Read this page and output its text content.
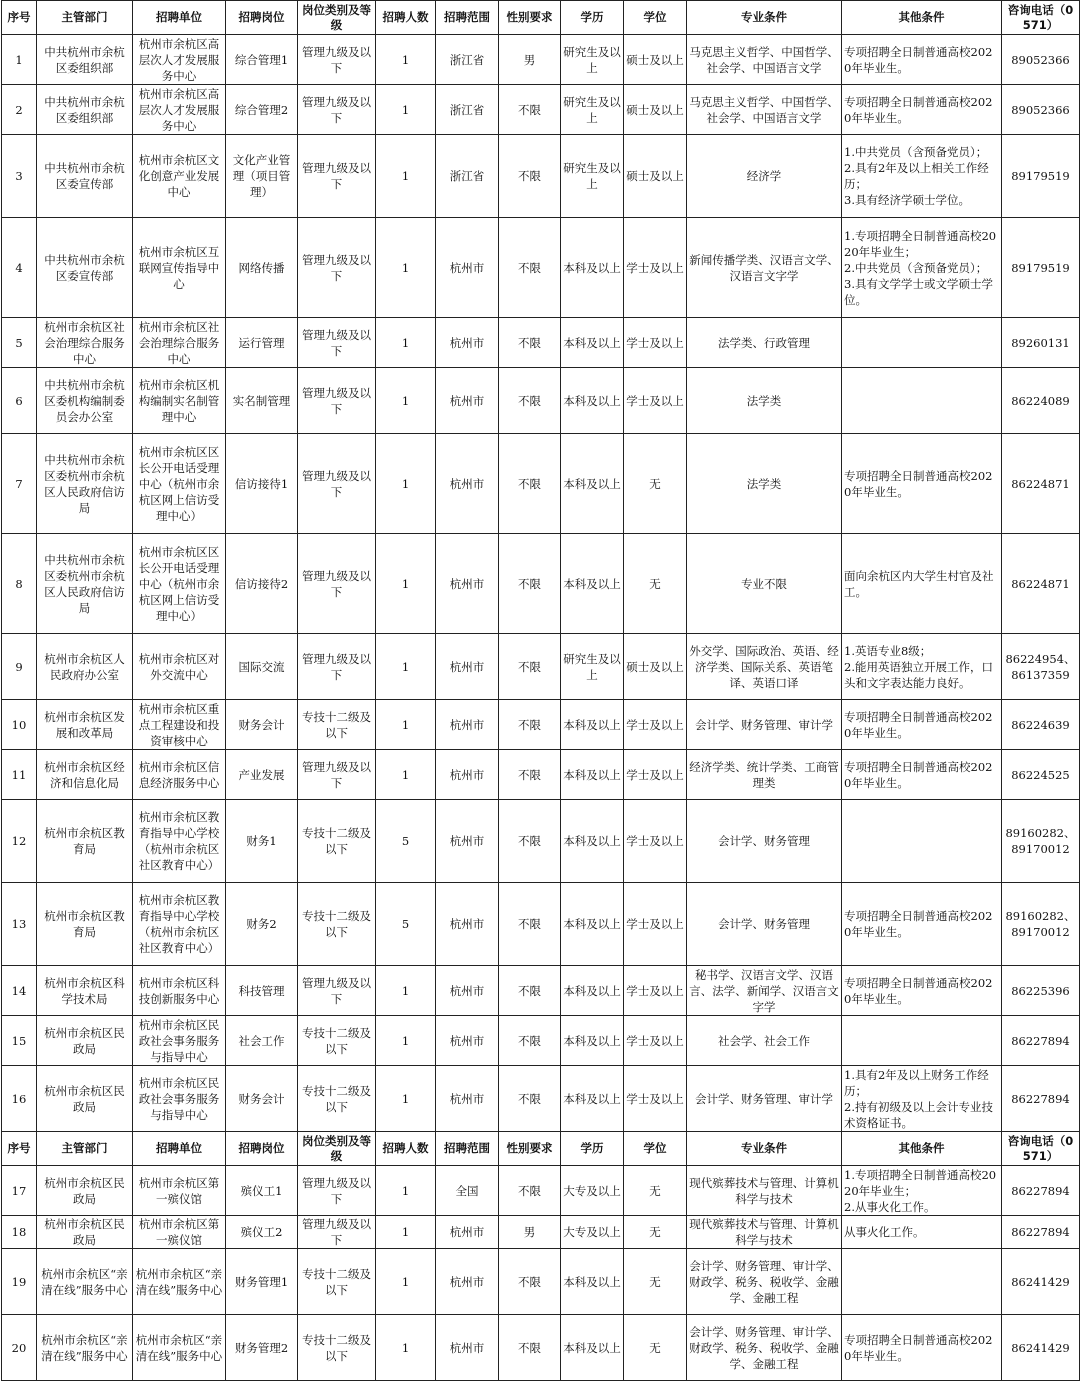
序号	主管部门	招聘单位	招聘岗位	岗位类别及等级	招聘人数	招聘范围	性别要求	学历	学位	专业条件	其他条件	咨询电话（0571）
1	中共杭州市余杭区委组织部	杭州市余杭区高层次人才发展服务中心	综合管理1	管理九级及以下	1	浙江省	男	研究生及以上	硕士及以上	马克思主义哲学、中国哲学、社会学、中国语言文学	专项招聘全日制普通高校2020年毕业生。	89052366
2	中共杭州市余杭区委组织部	杭州市余杭区高层次人才发展服务中心	综合管理2	管理九级及以下	1	浙江省	不限	研究生及以上	硕士及以上	马克思主义哲学、中国哲学、社会学、中国语言文学	专项招聘全日制普通高校2020年毕业生。	89052366
3	中共杭州市余杭区委宣传部	杭州市余杭区文化创意产业发展中心	文化产业管理（项目管理）	管理九级及以下	1	浙江省	不限	研究生及以上	硕士及以上	经济学	1.中共党员（含预备党员）；
2.具有2年及以上相关工作经历；
3.具有经济学硕士学位。	89179519
4	中共杭州市余杭区委宣传部	杭州市余杭区互联网宣传指导中心	网络传播	管理九级及以下	1	杭州市	不限	本科及以上	学士及以上	新闻传播学类、汉语言文学、汉语言文字学	1.专项招聘全日制普通高校2020年毕业生；
2.中共党员（含预备党员）；
3.具有文学学士或文学硕士学位。	89179519
5	杭州市余杭区社会治理综合服务中心	杭州市余杭区社会治理综合服务中心	运行管理	管理九级及以下	1	杭州市	不限	本科及以上	学士及以上	法学类、行政管理		89260131
6	中共杭州市余杭区委机构编制委员会办公室	杭州市余杭区机构编制实名制管理中心	实名制管理	管理九级及以下	1	杭州市	不限	本科及以上	学士及以上	法学类		86224089
7	中共杭州市余杭区委杭州市余杭区人民政府信访局	杭州市余杭区区长公开电话受理中心（杭州市余杭区网上信访受理中心）	信访接待1	管理九级及以下	1	杭州市	不限	本科及以上	无	法学类	专项招聘全日制普通高校2020年毕业生。	86224871
8	中共杭州市余杭区委杭州市余杭区人民政府信访局	杭州市余杭区区长公开电话受理中心（杭州市余杭区网上信访受理中心）	信访接待2	管理九级及以下	1	杭州市	不限	本科及以上	无	专业不限	面向余杭区内大学生村官及社工。	86224871
9	杭州市余杭区人民政府办公室	杭州市余杭区对外交流中心	国际交流	管理九级及以下	1	杭州市	不限	研究生及以上	硕士及以上	外交学、国际政治、英语、经济学类、国际关系、英语笔译、英语口译	1.英语专业8级；
2.能用英语独立开展工作，口头和文字表达能力良好。	86224954、
86137359
10	杭州市余杭区发展和改革局	杭州市余杭区重点工程建设和投资审核中心	财务会计	专技十二级及以下	1	杭州市	不限	本科及以上	学士及以上	会计学、财务管理、审计学	专项招聘全日制普通高校2020年毕业生。	86224639
11	杭州市余杭区经济和信息化局	杭州市余杭区信息经济服务中心	产业发展	管理九级及以下	1	杭州市	不限	本科及以上	学士及以上	经济学类、统计学类、工商管理类	专项招聘全日制普通高校2020年毕业生。	86224525
12	杭州市余杭区教育局	杭州市余杭区教育指导中心学校（杭州市余杭区社区教育中心）	财务1	专技十二级及以下	5	杭州市	不限	本科及以上	学士及以上	会计学、财务管理		89160282、
89170012
13	杭州市余杭区教育局	杭州市余杭区教育指导中心学校（杭州市余杭区社区教育中心）	财务2	专技十二级及以下	5	杭州市	不限	本科及以上	学士及以上	会计学、财务管理	专项招聘全日制普通高校2020年毕业生。	89160282、
89170012
14	杭州市余杭区科学技术局	杭州市余杭区科技创新服务中心	科技管理	管理九级及以下	1	杭州市	不限	本科及以上	学士及以上	秘书学、汉语言文学、汉语言、法学、新闻学、汉语言文字学	专项招聘全日制普通高校2020年毕业生。	86225396
15	杭州市余杭区民政局	杭州市余杭区民政社会事务服务与指导中心	社会工作	专技十二级及以下	1	杭州市	不限	本科及以上	学士及以上	社会学、社会工作		86227894
16	杭州市余杭区民政局	杭州市余杭区民政社会事务服务与指导中心	财务会计	专技十二级及以下	1	杭州市	不限	本科及以上	学士及以上	会计学、财务管理、审计学	1.具有2年及以上财务工作经历；
2.持有初级及以上会计专业技术资格证书。	86227894
序号	主管部门	招聘单位	招聘岗位	岗位类别及等级	招聘人数	招聘范围	性别要求	学历	学位	专业条件	其他条件	咨询电话（0571）
17	杭州市余杭区民政局	杭州市余杭区第一殡仪馆	殡仪工1	管理九级及以下	1	全国	不限	大专及以上	无	现代殡葬技术与管理、计算机科学与技术	1.专项招聘全日制普通高校2020年毕业生；
2.从事火化工作。	86227894
18	杭州市余杭区民政局	杭州市余杭区第一殡仪馆	殡仪工2	管理九级及以下	1	杭州市	男	大专及以上	无	现代殡葬技术与管理、计算机科学与技术	从事火化工作。	86227894
19	杭州市余杭区“亲清在线”服务中心	杭州市余杭区“亲清在线”服务中心	财务管理1	专技十二级及以下	1	杭州市	不限	本科及以上	无	会计学、财务管理、审计学、财政学、税务、税收学、金融学、金融工程		86241429
20	杭州市余杭区“亲清在线”服务中心	杭州市余杭区“亲清在线”服务中心	财务管理2	专技十二级及以下	1	杭州市	不限	本科及以上	无	会计学、财务管理、审计学、财政学、税务、税收学、金融学、金融工程	专项招聘全日制普通高校2020年毕业生。	86241429
